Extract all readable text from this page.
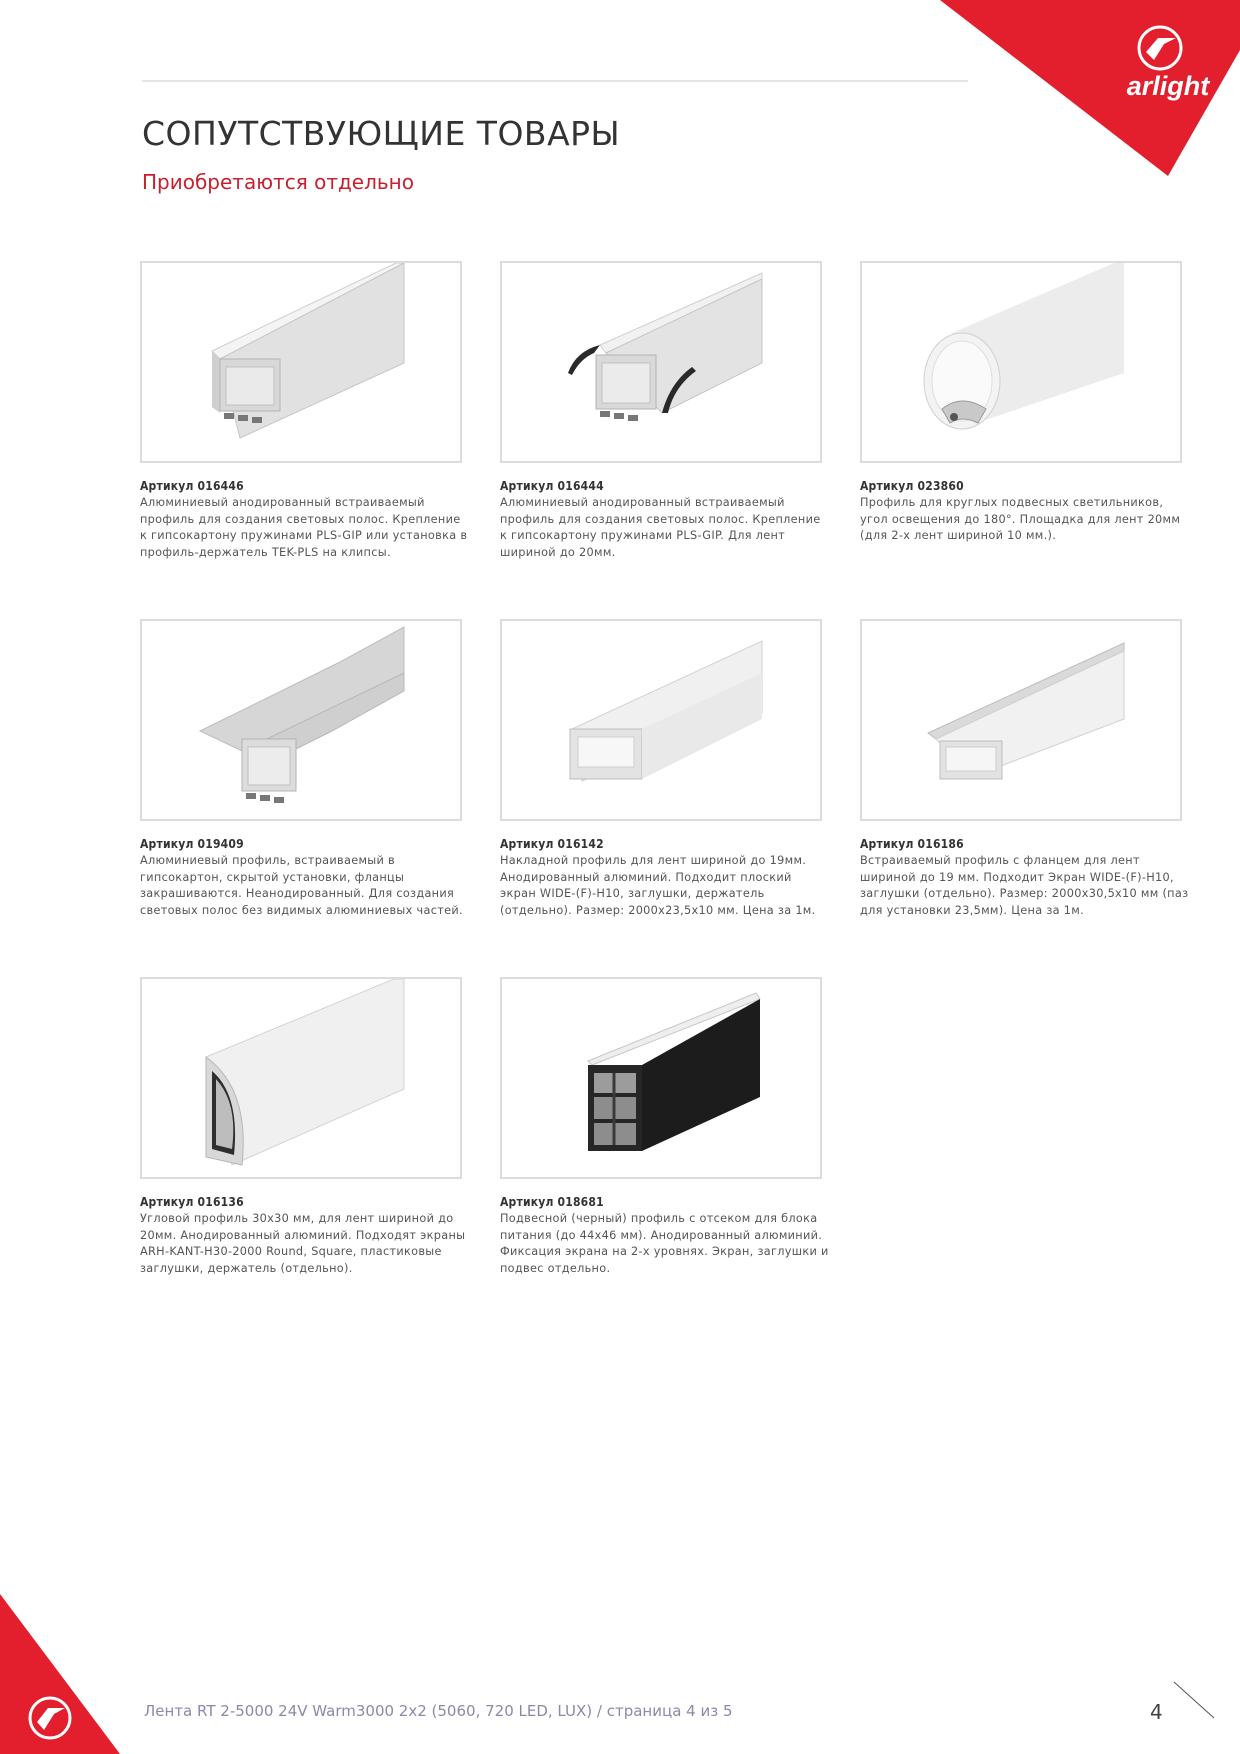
arlight
СОПУТСТВУЮЩИЕ ТОВАРЫ
Приобретаются отдельно
Артикул 016446
Алюминиевый анодированный встраиваемый профиль для создания световых полос. Крепление к гипсокартону пружинами PLS-GIP или установка в профиль-держатель TEK-PLS на клипсы.
Артикул 016444
Алюминиевый анодированный встраиваемый профиль для создания световых полос. Крепление к гипсокартону пружинами PLS-GIP. Для лент шириной до 20мм.
Артикул 023860
Профиль для круглых подвесных светильников, угол освещения до 180°. Площадка для лент 20мм (для 2-х лент шириной 10 мм.).
Артикул 019409
Алюминиевый профиль, встраиваемый в гипсокартон, скрытой установки, фланцы закрашиваются. Неанодированный. Для создания световых полос без видимых алюминиевых частей.
Артикул 016142
Накладной профиль для лент шириной до 19мм. Анодированный алюминий. Подходит плоский экран WIDE-(F)-H10, заглушки, держатель (отдельно). Размер: 2000x23,5x10 мм. Цена за 1м.
Артикул 016186
Встраиваемый профиль с фланцем для лент шириной до 19 мм. Подходит Экран WIDE-(F)-H10, заглушки (отдельно). Размер: 2000x30,5x10 мм (паз для установки 23,5мм). Цена за 1м.
Артикул 016136
Угловой профиль 30x30 мм, для лент шириной до 20мм. Анодированный алюминий. Подходят экраны ARH-KANT-H30-2000 Round, Square, пластиковые заглушки, держатель (отдельно).
Артикул 018681
Подвесной (черный) профиль с отсеком для блока питания (до 44x46 мм). Анодированный алюминий. Фиксация экрана на 2-х уровнях. Экран, заглушки и подвес отдельно.
Лента RT 2-5000 24V Warm3000 2x2 (5060, 720 LED, LUX) / страница 4 из 5	4
